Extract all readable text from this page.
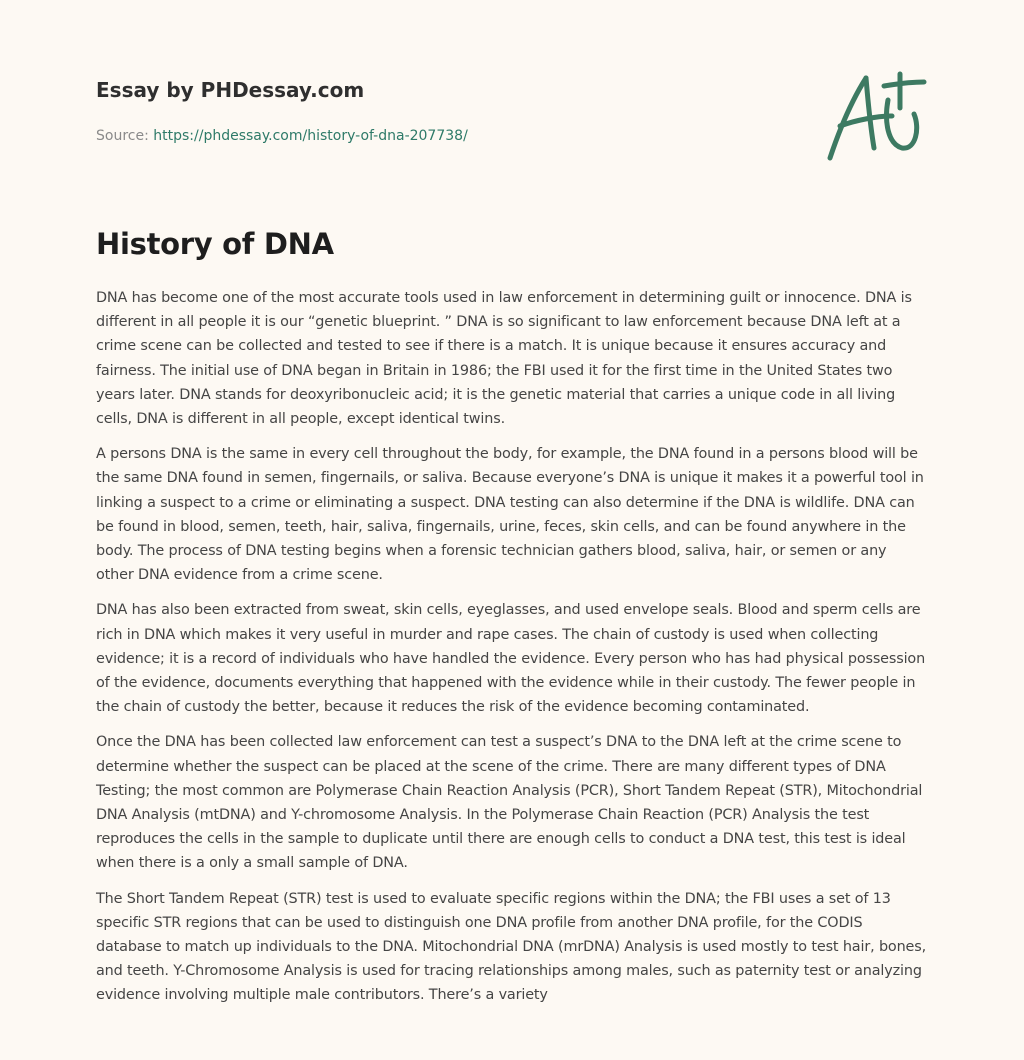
Essay by PHDessay.com
Source: https://phdessay.com/history-of-dna-207738/
History of DNA

DNA has become one of the most accurate tools used in law enforcement in determining guilt or innocence. DNA is different in all people it is our “genetic blueprint. ” DNA is so significant to law enforcement because DNA left at a crime scene can be collected and tested to see if there is a match. It is unique because it ensures accuracy and fairness. The initial use of DNA began in Britain in 1986; the FBI used it for the first time in the United States two years later. DNA stands for deoxyribonucleic acid; it is the genetic material that carries a unique code in all living cells, DNA is different in all people, except identical twins.

A persons DNA is the same in every cell throughout the body, for example, the DNA found in a persons blood will be the same DNA found in semen, fingernails, or saliva. Because everyone’s DNA is unique it makes it a powerful tool in linking a suspect to a crime or eliminating a suspect. DNA testing can also determine if the DNA is wildlife. DNA can be found in blood, semen, teeth, hair, saliva, fingernails, urine, feces, skin cells, and can be found anywhere in the body. The process of DNA testing begins when a forensic technician gathers blood, saliva, hair, or semen or any other DNA evidence from a crime scene.

DNA has also been extracted from sweat, skin cells, eyeglasses, and used envelope seals. Blood and sperm cells are rich in DNA which makes it very useful in murder and rape cases. The chain of custody is used when collecting evidence; it is a record of individuals who have handled the evidence. Every person who has had physical possession of the evidence, documents everything that happened with the evidence while in their custody. The fewer people in the chain of custody the better, because it reduces the risk of the evidence becoming contaminated.

Once the DNA has been collected law enforcement can test a suspect’s DNA to the DNA left at the crime scene to determine whether the suspect can be placed at the scene of the crime. There are many different types of DNA Testing; the most common are Polymerase Chain Reaction Analysis (PCR), Short Tandem Repeat (STR), Mitochondrial DNA Analysis (mtDNA) and Y-chromosome Analysis. In the Polymerase Chain Reaction (PCR) Analysis the test reproduces the cells in the sample to duplicate until there are enough cells to conduct a DNA test, this test is ideal when there is a only a small sample of DNA.

The Short Tandem Repeat (STR) test is used to evaluate specific regions within the DNA; the FBI uses a set of 13 specific STR regions that can be used to distinguish one DNA profile from another DNA profile, for the CODIS database to match up individuals to the DNA. Mitochondrial DNA (mrDNA) Analysis is used mostly to test hair, bones, and teeth. Y-Chromosome Analysis is used for tracing relationships among males, such as paternity test or analyzing evidence involving multiple male contributors. There’s a variety
